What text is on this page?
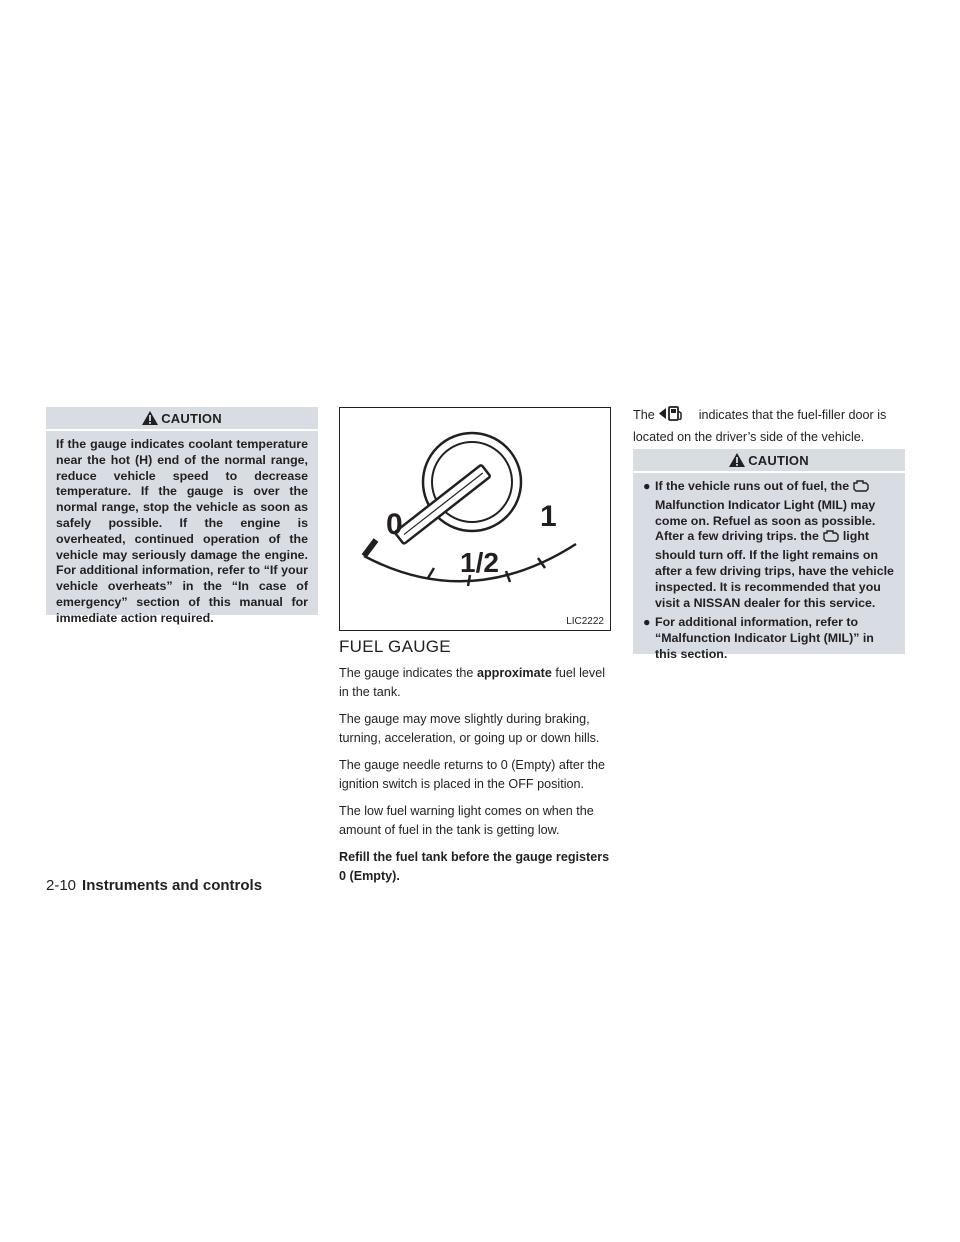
CAUTION
If the gauge indicates coolant temperature near the hot (H) end of the normal range, reduce vehicle speed to decrease temperature. If the gauge is over the normal range, stop the vehicle as soon as safely possible. If the engine is overheated, continued operation of the vehicle may seriously damage the engine. For additional information, refer to “If your vehicle overheats” in the “In case of emergency” section of this manual for immediate action required.
0
1/2
1
LIC2222
FUEL GAUGE

The gauge indicates the approximate fuel level in the tank.

The gauge may move slightly during braking, turning, acceleration, or going up or down hills.

The gauge needle returns to 0 (Empty) after the ignition switch is placed in the OFF position.

The low fuel warning light comes on when the amount of fuel in the tank is getting low.

Refill the fuel tank before the gauge registers 0 (Empty).

The	indicates that the fuel-filler door is located on the driver’s side of the vehicle.

CAUTION
● If the vehicle runs out of fuel, theMalfunction Indicator Light (MIL) may come on. Refuel as soon as possible. After a few driving trips. the light should turn off. If the light remains on after a few driving trips, have the vehicle inspected. It is recommended that you visit a NISSAN dealer for this service.
● For additional information, refer to “Malfunction Indicator Light (MIL)” in this section.
2-10 Instruments and controls
